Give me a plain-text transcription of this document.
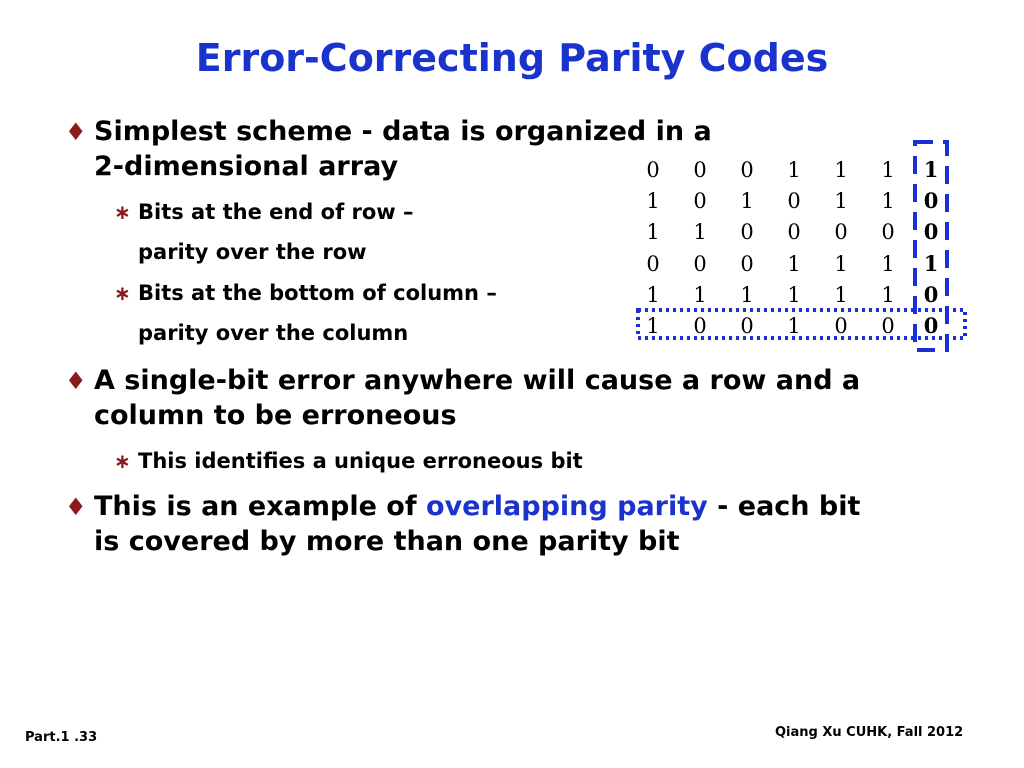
Error-Correcting Parity Codes
♦ Simplest scheme - data is organized in a
2-dimensional array
∗ Bits at the end of row –
parity over the row
∗ Bits at the bottom of column –
parity over the column
♦ A single-bit error anywhere will cause a row and a
column to be erroneous
∗ This identifies a unique erroneous bit
♦ This is an example of overlapping parity - each bit
is covered by more than one parity bit
0 0 0 1 1 1 1
1 0 1 0 1 1 0
1 1 0 0 0 0 0
0 0 0 1 1 1 1
1 1 1 1 1 1 0
1 0 0 1 0 0 0
Part.1 .33	Qiang Xu CUHK, Fall 2012
